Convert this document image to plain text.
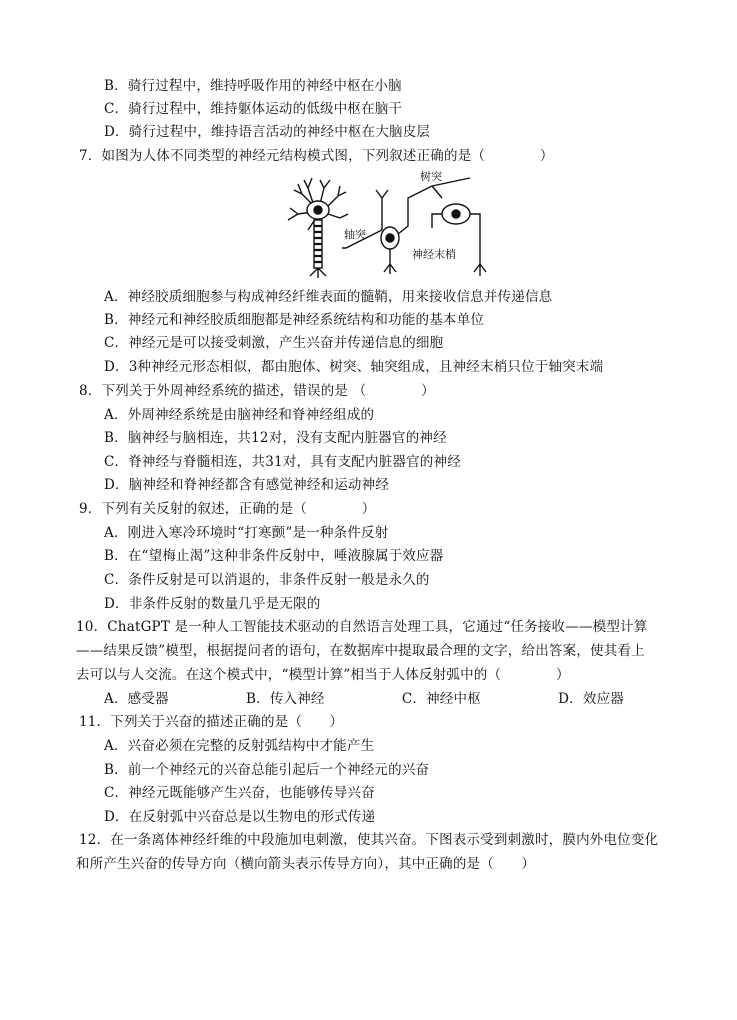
B．骑行过程中，维持呼吸作用的神经中枢在小脑
C．骑行过程中，维持躯体运动的低级中枢在脑干
D．骑行过程中，维持语言活动的神经中枢在大脑皮层
7．如图为人体不同类型的神经元结构模式图，下列叙述正确的是（　　　　）
树突
轴突
神经末梢
A．神经胶质细胞参与构成神经纤维表面的髓鞘，用来接收信息并传递信息
B．神经元和神经胶质细胞都是神经系统结构和功能的基本单位
C．神经元是可以接受刺激，产生兴奋并传递信息的细胞
D．3种神经元形态相似，都由胞体、树突、轴突组成，且神经末梢只位于轴突末端
8．下列关于外周神经系统的描述，错误的是 （　　　　）
A．外周神经系统是由脑神经和脊神经组成的
B．脑神经与脑相连，共12对，没有支配内脏器官的神经
C．脊神经与脊髓相连，共31对，具有支配内脏器官的神经
D．脑神经和脊神经都含有感觉神经和运动神经
9．下列有关反射的叙述，正确的是（　　　　）
A．刚进入寒冷环境时“打寒颤”是一种条件反射
B．在“望梅止渴”这种非条件反射中，唾液腺属于效应器
C．条件反射是可以消退的，非条件反射一般是永久的
D．非条件反射的数量几乎是无限的
10．ChatGPT 是一种人工智能技术驱动的自然语言处理工具，它通过“任务接收——模型计算
——结果反馈”模型，根据提问者的语句，在数据库中提取最合理的文字，给出答案，使其看上
去可以与人交流。在这个模式中，“模型计算”相当于人体反射弧中的（　　　　）
A．感受器	B．传入神经	C．神经中枢	D．效应器
11．下列关于兴奋的描述正确的是（　　）
A．兴奋必须在完整的反射弧结构中才能产生
B．前一个神经元的兴奋总能引起后一个神经元的兴奋
C．神经元既能够产生兴奋，也能够传导兴奋
D．在反射弧中兴奋总是以生物电的形式传递
12．在一条离体神经纤维的中段施加电刺激，使其兴奋。下图表示受到刺激时，膜内外电位变化
和所产生兴奋的传导方向（横向箭头表示传导方向），其中正确的是（　　）
